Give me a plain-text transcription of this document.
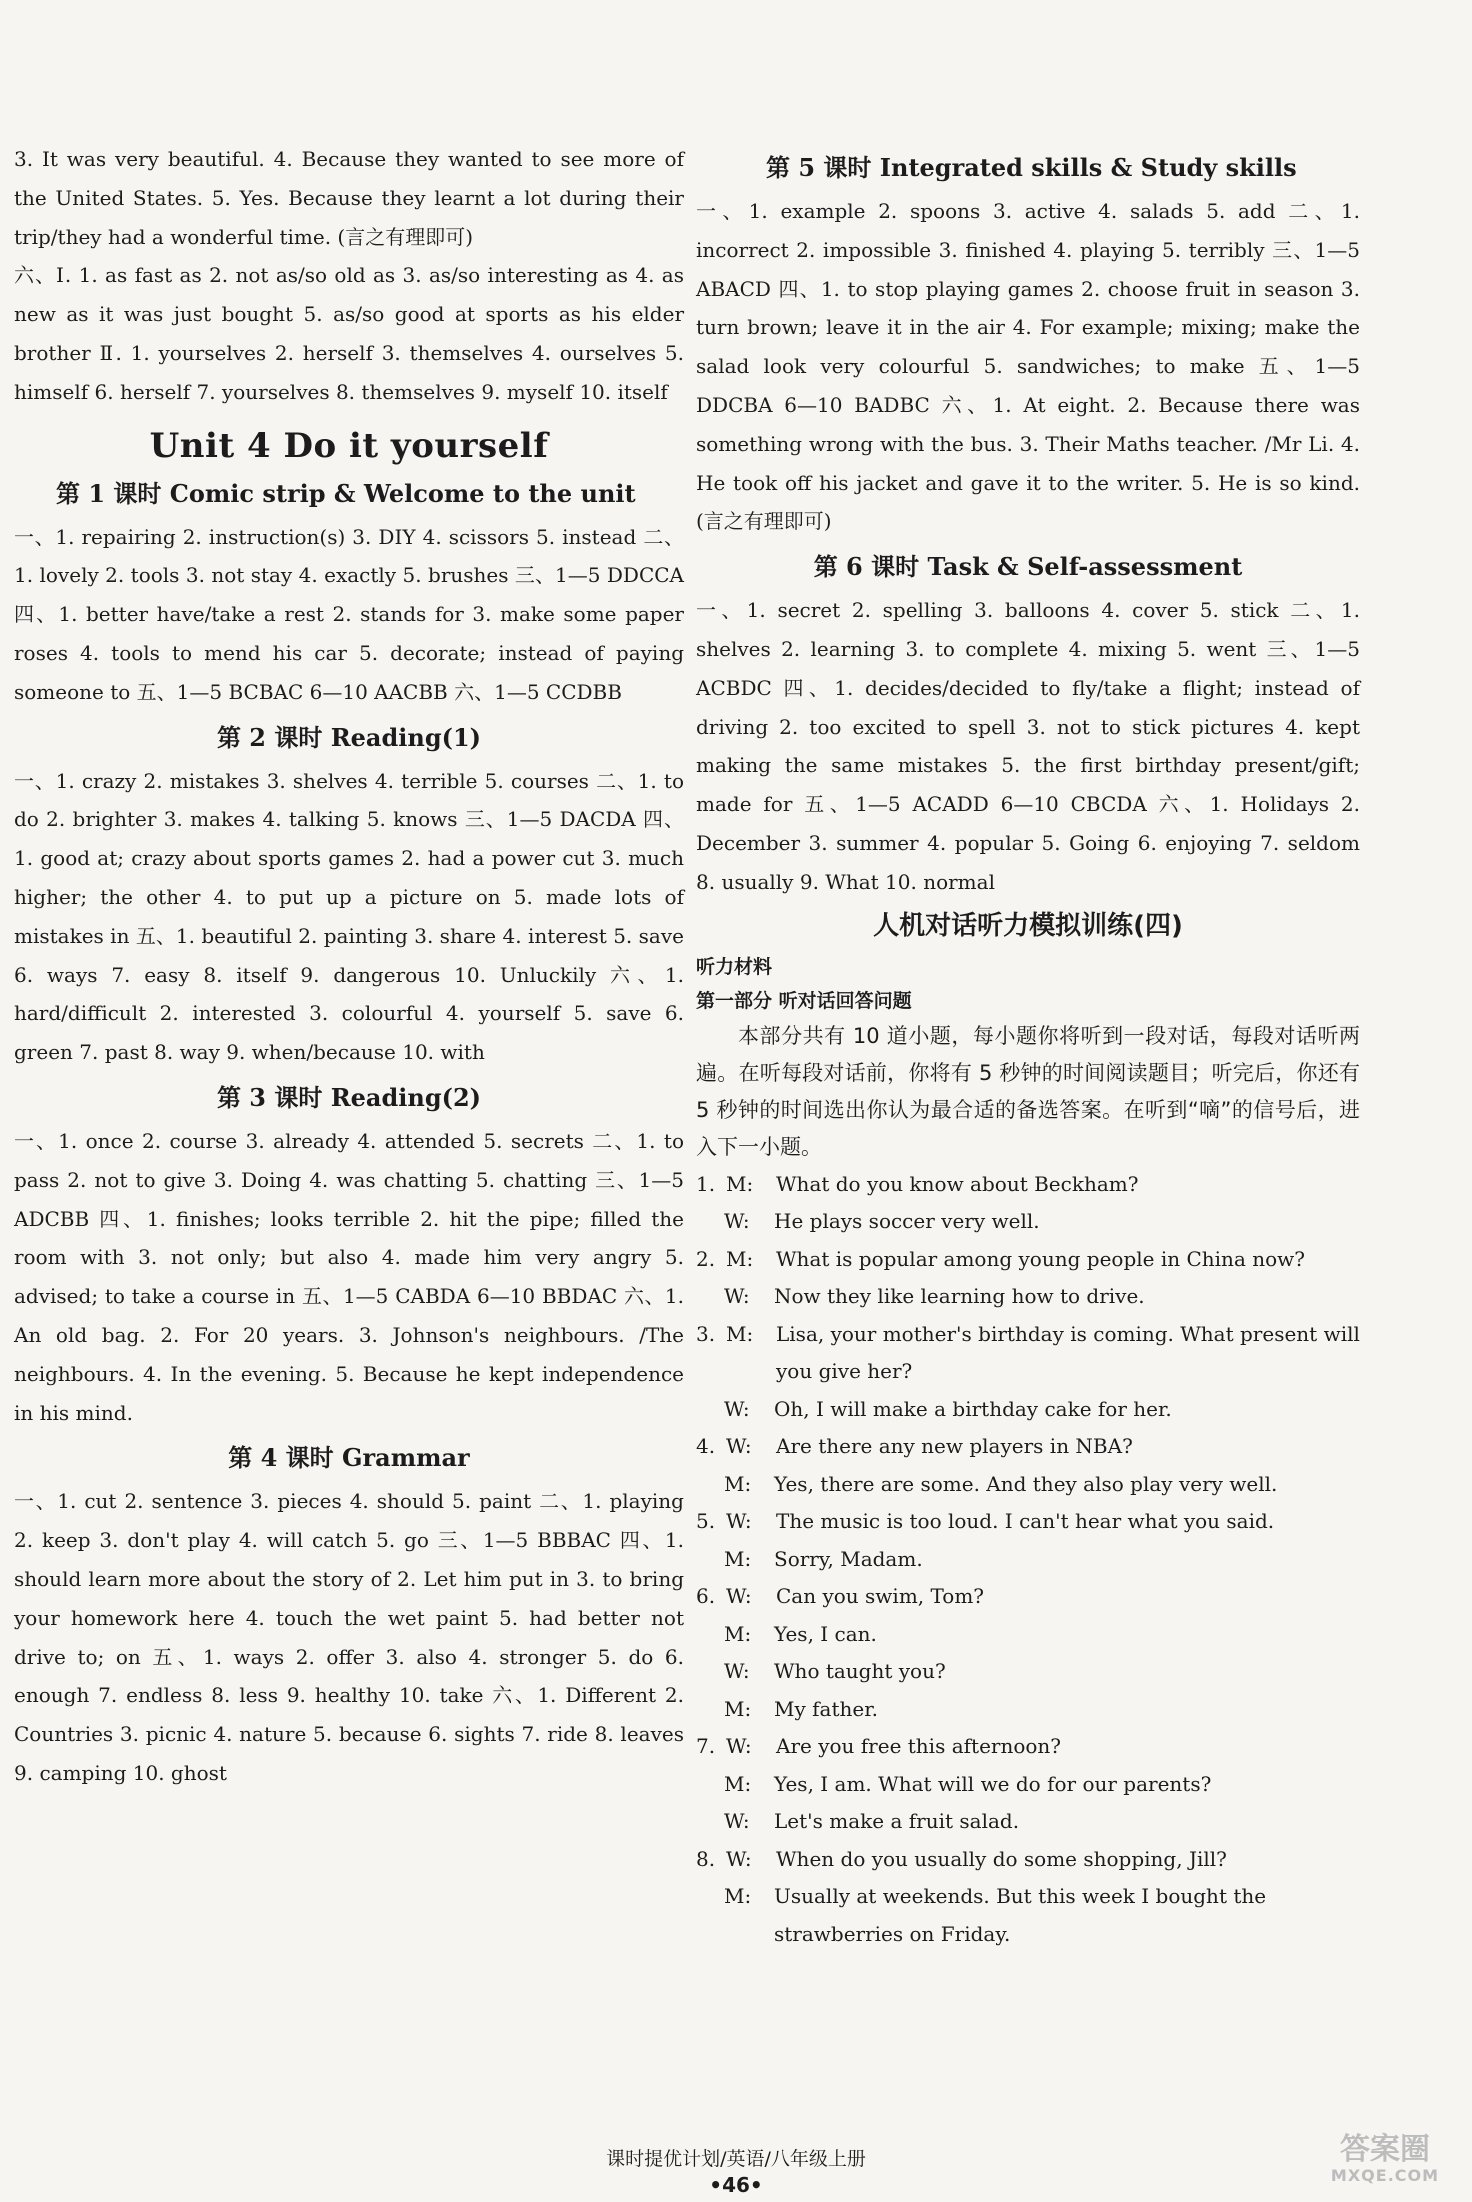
3. It was very beautiful. 4. Because they wanted to see more of the United States. 5. Yes. Because they learnt a lot during their trip/they had a wonderful time. (言之有理即可)

六、Ⅰ. 1. as fast as 2. not as/so old as 3. as/so interesting as 4. as new as it was just bought 5. as/so good at sports as his elder brother Ⅱ. 1. yourselves 2. herself 3. themselves 4. ourselves 5. himself 6. herself 7. yourselves 8. themselves 9. myself 10. itself

Unit 4 Do it yourself
第 1 课时 Comic strip & Welcome to the unit

一、1. repairing 2. instruction(s) 3. DIY 4. scissors 5. instead 二、1. lovely 2. tools 3. not stay 4. exactly 5. brushes 三、1—5 DDCCA 四、1. better have/take a rest 2. stands for 3. make some paper roses 4. tools to mend his car 5. decorate; instead of paying someone to 五、1—5 BCBAC 6—10 AACBB 六、1—5 CCDBB

第 2 课时 Reading(1)

一、1. crazy 2. mistakes 3. shelves 4. terrible 5. courses 二、1. to do 2. brighter 3. makes 4. talking 5. knows 三、1—5 DACDA 四、1. good at; crazy about sports games 2. had a power cut 3. much higher; the other 4. to put up a picture on 5. made lots of mistakes in 五、1. beautiful 2. painting 3. share 4. interest 5. save 6. ways 7. easy 8. itself 9. dangerous 10. Unluckily 六、1. hard/difficult 2. interested 3. colourful 4. yourself 5. save 6. green 7. past 8. way 9. when/because 10. with

第 3 课时 Reading(2)

一、1. once 2. course 3. already 4. attended 5. secrets 二、1. to pass 2. not to give 3. Doing 4. was chatting 5. chatting 三、1—5 ADCBB 四、1. finishes; looks terrible 2. hit the pipe; filled the room with 3. not only; but also 4. made him very angry 5. advised; to take a course in 五、1—5 CABDA 6—10 BBDAC 六、1. An old bag. 2. For 20 years. 3. Johnson's neighbours. /The neighbours. 4. In the evening. 5. Because he kept independence in his mind.

第 4 课时 Grammar

一、1. cut 2. sentence 3. pieces 4. should 5. paint 二、1. playing 2. keep 3. don't play 4. will catch 5. go 三、1—5 BBBAC 四、1. should learn more about the story of 2. Let him put in 3. to bring your homework here 4. touch the wet paint 5. had better not drive to; on 五、1. ways 2. offer 3. also 4. stronger 5. do 6. enough 7. endless 8. less 9. healthy 10. take 六、1. Different 2. Countries 3. picnic 4. nature 5. because 6. sights 7. ride 8. leaves 9. camping 10. ghost

第 5 课时 Integrated skills & Study skills

一、1. example 2. spoons 3. active 4. salads 5. add 二、1. incorrect 2. impossible 3. finished 4. playing 5. terribly 三、1—5 ABACD 四、1. to stop playing games 2. choose fruit in season 3. turn brown; leave it in the air 4. For example; mixing; make the salad look very colourful 5. sandwiches; to make 五、1—5 DDCBA 6—10 BADBC 六、1. At eight. 2. Because there was something wrong with the bus. 3. Their Maths teacher. /Mr Li. 4. He took off his jacket and gave it to the writer. 5. He is so kind. (言之有理即可)

第 6 课时 Task & Self-assessment

一、1. secret 2. spelling 3. balloons 4. cover 5. stick 二、1. shelves 2. learning 3. to complete 4. mixing 5. went 三、1—5 ACBDC 四、1. decides/decided to fly/take a flight; instead of driving 2. too excited to spell 3. not to stick pictures 4. kept making the same mistakes 5. the first birthday present/gift; made for 五、1—5 ACADD 6—10 CBCDA 六、1. Holidays 2. December 3. summer 4. popular 5. Going 6. enjoying 7. seldom 8. usually 9. What 10. normal

人机对话听力模拟训练(四)
听力材料
第一部分 听对话回答问题

本部分共有 10 道小题，每小题你将听到一段对话，每段对话听两遍。在听每段对话前，你将有 5 秒钟的时间阅读题目；听完后，你还有 5 秒钟的时间选出你认为最合适的备选答案。在听到“嘀”的信号后，进入下一小题。

1. M:	What do you know about Beckham?
W:	He plays soccer very well.
2. M:	What is popular among young people in China now?
W:	Now they like learning how to drive.
3. M:	Lisa, your mother's birthday is coming. What present will you give her?
W:	Oh, I will make a birthday cake for her.
4. W:	Are there any new players in NBA?
M:	Yes, there are some. And they also play very well.
5. W:	The music is too loud. I can't hear what you said.
M:	Sorry, Madam.
6. W:	Can you swim, Tom?
M:	Yes, I can.
W:	Who taught you?
M:	My father.
7. W:	Are you free this afternoon?
M:	Yes, I am. What will we do for our parents?
W:	Let's make a fruit salad.
8. W:	When do you usually do some shopping, Jill?
M:	Usually at weekends. But this week I bought the strawberries on Friday.
课时提优计划/英语/八年级上册
•46•
答案圈
MXQE.COM
